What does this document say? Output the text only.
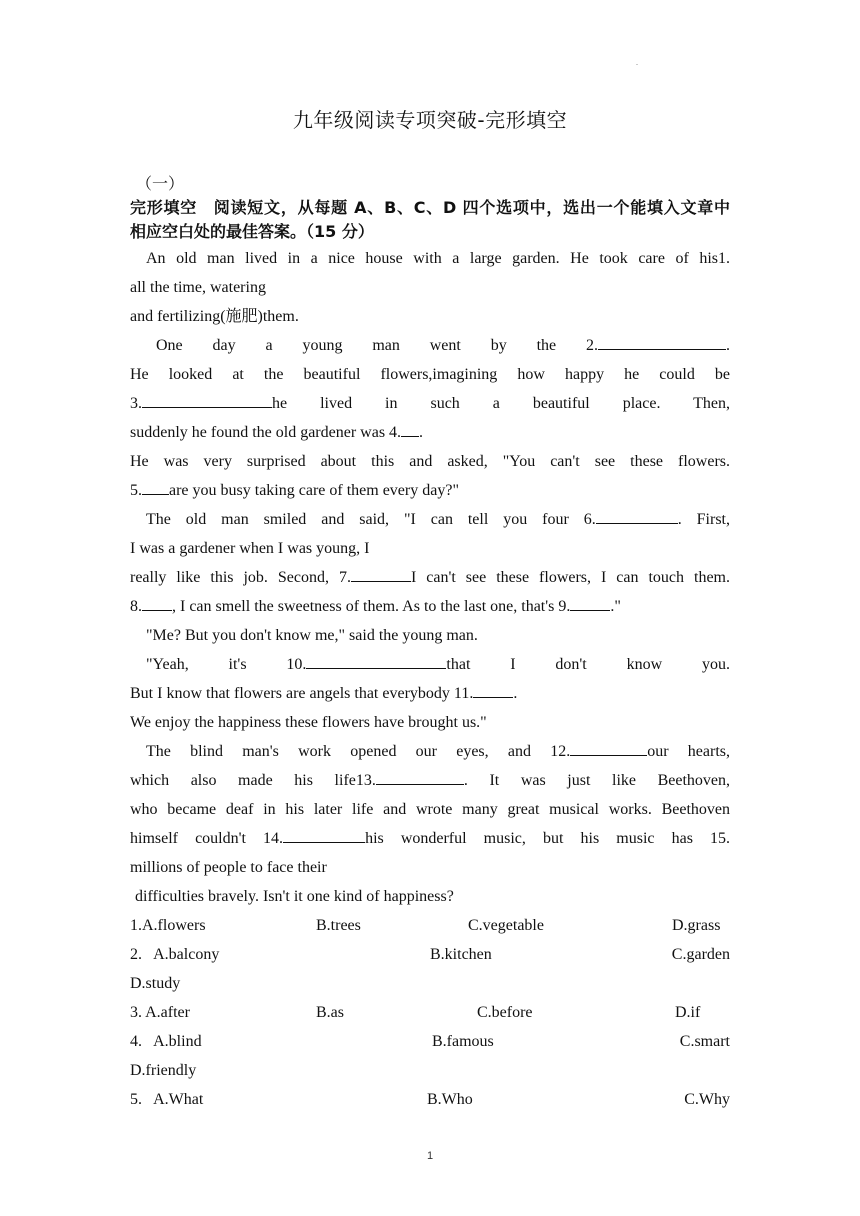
.
九年级阅读专项突破-完形填空
（一）
完形填空　阅读短文，从每题 A、B、C、D 四个选项中，选出一个能填入文章中
相应空白处的最佳答案。（15 分）
An old man lived in a nice house with a large garden. He took care of his1.
all the time, watering
and fertilizing(施肥)them.
One day a young man went by the 2.	.
He looked at the beautiful flowers,imagining how happy he could be
3.	he lived in such a beautiful place. Then,
suddenly he found the old gardener was 4. .
He was very surprised about this and asked, "You can't see these flowers.
5. are you busy taking care of them every day?"
The old man smiled and said, "I can tell you four 6.	. First,
I was a gardener when I was young, I
really like this job. Second, 7.	I can't see these flowers, I can touch them.
8. , I can smell the sweetness of them. As to the last one, that's 9.	."
"Me? But you don't know me," said the young man.
"Yeah, it's 10.	that I don't know you.
But I know that flowers are angels that everybody 11.	.
We enjoy the happiness these flowers have brought us."
The blind man's work opened our eyes, and 12.	our hearts,
which also made his life13.	. It was just like Beethoven,
who became deaf in his later life and wrote many great musical works. Beethoven
himself couldn't 14.	his wonderful music, but his music has 15.
millions of people to face their
difficulties bravely. Isn't it one kind of happiness?
1.A.flowers	B.trees	C.vegetable	D.grass
2.   A.balcony	B.kitchen	C.garden
D.study
3. A.after	B.as	C.before	D.if
4.   A.blind	B.famous	C.smart
D.friendly
5.   A.What	B.Who	C.Why
1
